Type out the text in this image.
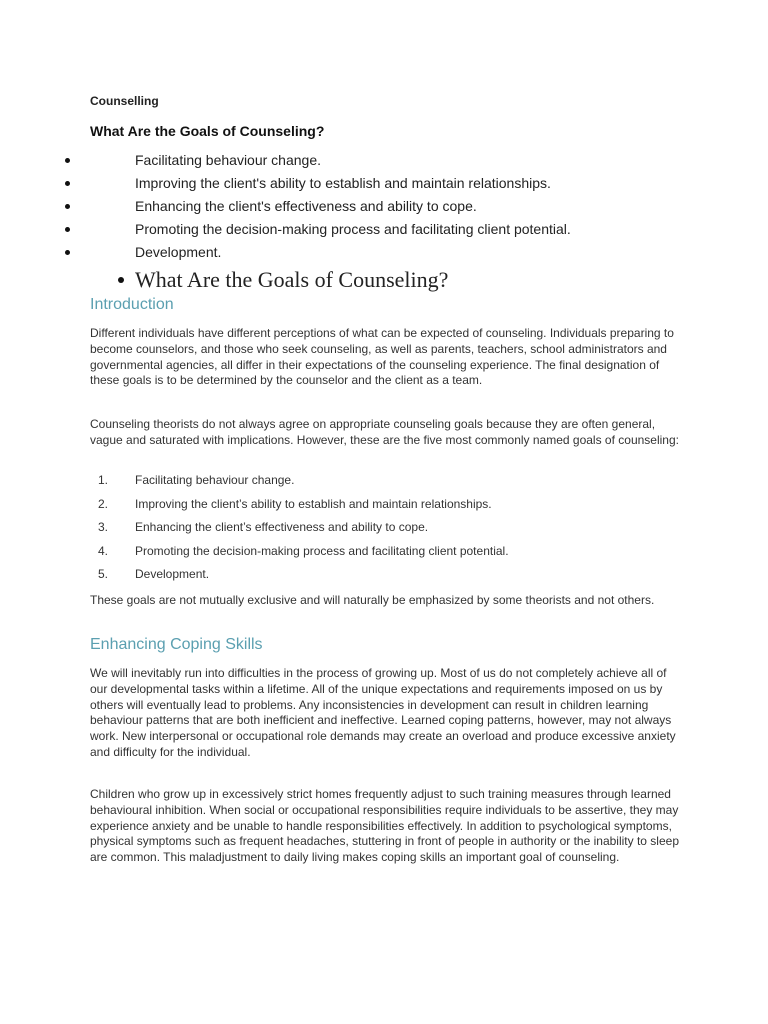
Counselling
What Are the Goals of Counseling?
Facilitating behaviour change.
Improving the client's ability to establish and maintain relationships.
Enhancing the client's effectiveness and ability to cope.
Promoting the decision-making process and facilitating client potential.
Development.
What Are the Goals of Counseling?
Introduction

Different individuals have different perceptions of what can be expected of counseling. Individuals preparing to become counselors, and those who seek counseling, as well as parents, teachers, school administrators and governmental agencies, all differ in their expectations of the counseling experience. The final designation of these goals is to be determined by the counselor and the client as a team.

Counseling theorists do not always agree on appropriate counseling goals because they are often general, vague and saturated with implications. However, these are the five most commonly named goals of counseling:

1. Facilitating behaviour change.
2. Improving the client’s ability to establish and maintain relationships.
3. Enhancing the client’s effectiveness and ability to cope.
4. Promoting the decision-making process and facilitating client potential.
5. Development.

These goals are not mutually exclusive and will naturally be emphasized by some theorists and not others.

Enhancing Coping Skills

We will inevitably run into difficulties in the process of growing up. Most of us do not completely achieve all of our developmental tasks within a lifetime. All of the unique expectations and requirements imposed on us by others will eventually lead to problems. Any inconsistencies in development can result in children learning behaviour patterns that are both inefficient and ineffective. Learned coping patterns, however, may not always work. New interpersonal or occupational role demands may create an overload and produce excessive anxiety and difficulty for the individual.

Children who grow up in excessively strict homes frequently adjust to such training measures through learned behavioural inhibition. When social or occupational responsibilities require individuals to be assertive, they may experience anxiety and be unable to handle responsibilities effectively. In addition to psychological symptoms, physical symptoms such as frequent headaches, stuttering in front of people in authority or the inability to sleep are common. This maladjustment to daily living makes coping skills an important goal of counseling.
